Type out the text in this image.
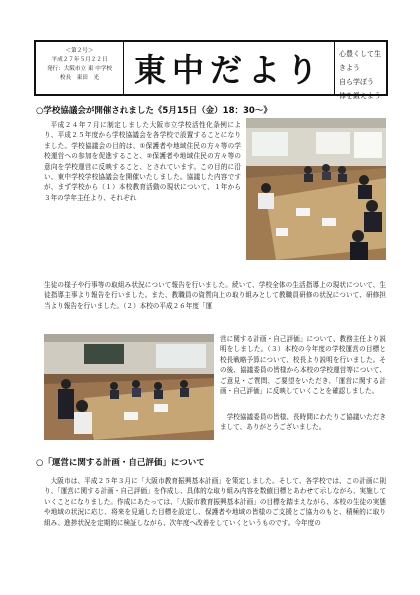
＜第２号＞
平成２７年５月２２日
発行：大阪市立 東 中学校
校長　東田　光	東中だより	心豊くして生きよう
自ら学ぼう
体を鍛えよう
○学校協議会が開催されました《5月15日（金）18：30～》
平成２４年７月に制定しました大阪市立学校活性化条例により、平成２５年度から学校協議会を各学校で設置することになりました。学校協議会の目的は、①保護者や地域住民の方々等の学校運営への参加を促進すること、②保護者や地域住民の方々等の意向を学校運営に反映すること、とされています。この目的に沿い、東中学校学校協議会を開催いたしました。協議した内容ですが、まず学校から（１）本校教育活動の現状について、１年から３年の学年主任より、それぞれ
生徒の様子や行事等の取組み状況について報告を行いました。続いて、学校全体の生活指導上の現状について、生徒指導主事より報告を行いました。また、教職員の資質向上の取り組みとして教職員研修の状況について、研修担当より報告を行いました。（２）本校の平成２６年度「運
営に関する計画・自己評価」について、教務主任より説明をしました。（３）本校の今年度の学校運営の目標と校長戦略予算について、校長より説明を行いました。その後、協議委員の皆様から本校の学校運営等について、ご意見・ご質問、ご要望をいただき、「運営に関する計画・自己評価」に反映していくことを確認しました。
学校協議委員の皆様、長時間にわたりご協議いただきまして、ありがとうございました。
○「運営に関する計画・自己評価」について
大阪市は、平成２５年３月に「大阪市教育振興基本計画」を策定しました。そして、各学校では、この計画に則り、「運営に関する計画・自己評価」を作成し、具体的な取り組み内容を数値目標とあわせて示しながら、実施していくことになりました。作成にあたっては、「大阪市教育振興基本計画」の目標を踏まえながら、本校の生徒の実態や地域の状況に応じ、将来を見通した目標を設定し、保護者や地域の皆様のご支援とご協力のもと、積極的に取り組み、進捗状況を定期的に検証しながら、次年度へ改善をしていくというものです。今年度の
